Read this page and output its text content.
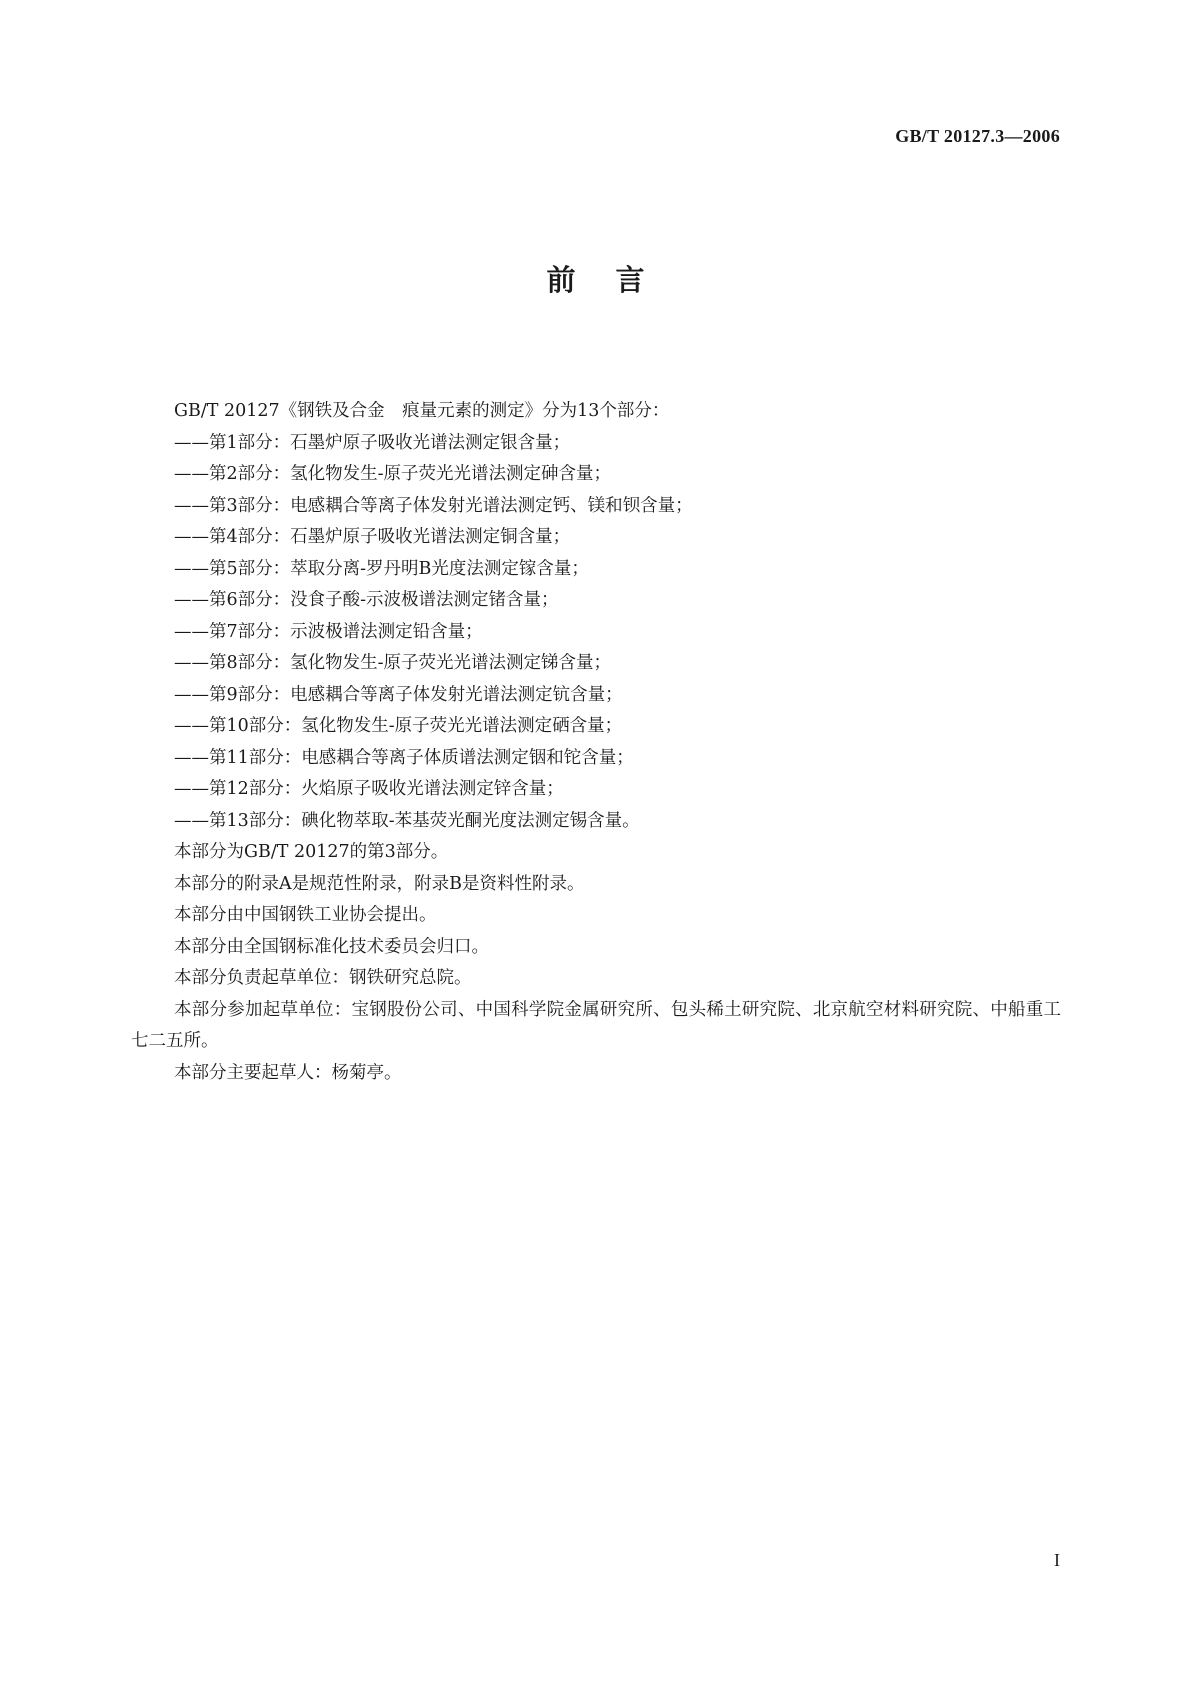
GB/T 20127.3—2006
前言

GB/T 20127《钢铁及合金　痕量元素的测定》分为13个部分：

——第1部分：石墨炉原子吸收光谱法测定银含量；

——第2部分：氢化物发生-原子荧光光谱法测定砷含量；

——第3部分：电感耦合等离子体发射光谱法测定钙、镁和钡含量；

——第4部分：石墨炉原子吸收光谱法测定铜含量；

——第5部分：萃取分离-罗丹明B光度法测定镓含量；

——第6部分：没食子酸-示波极谱法测定锗含量；

——第7部分：示波极谱法测定铅含量；

——第8部分：氢化物发生-原子荧光光谱法测定锑含量；

——第9部分：电感耦合等离子体发射光谱法测定钪含量；

——第10部分：氢化物发生-原子荧光光谱法测定硒含量；

——第11部分：电感耦合等离子体质谱法测定铟和铊含量；

——第12部分：火焰原子吸收光谱法测定锌含量；

——第13部分：碘化物萃取-苯基荧光酮光度法测定锡含量。

本部分为GB/T 20127的第3部分。

本部分的附录A是规范性附录，附录B是资料性附录。

本部分由中国钢铁工业协会提出。

本部分由全国钢标准化技术委员会归口。

本部分负责起草单位：钢铁研究总院。

本部分参加起草单位：宝钢股份公司、中国科学院金属研究所、包头稀土研究院、北京航空材料研究院、中船重工七二五所。

本部分主要起草人：杨菊亭。

I
